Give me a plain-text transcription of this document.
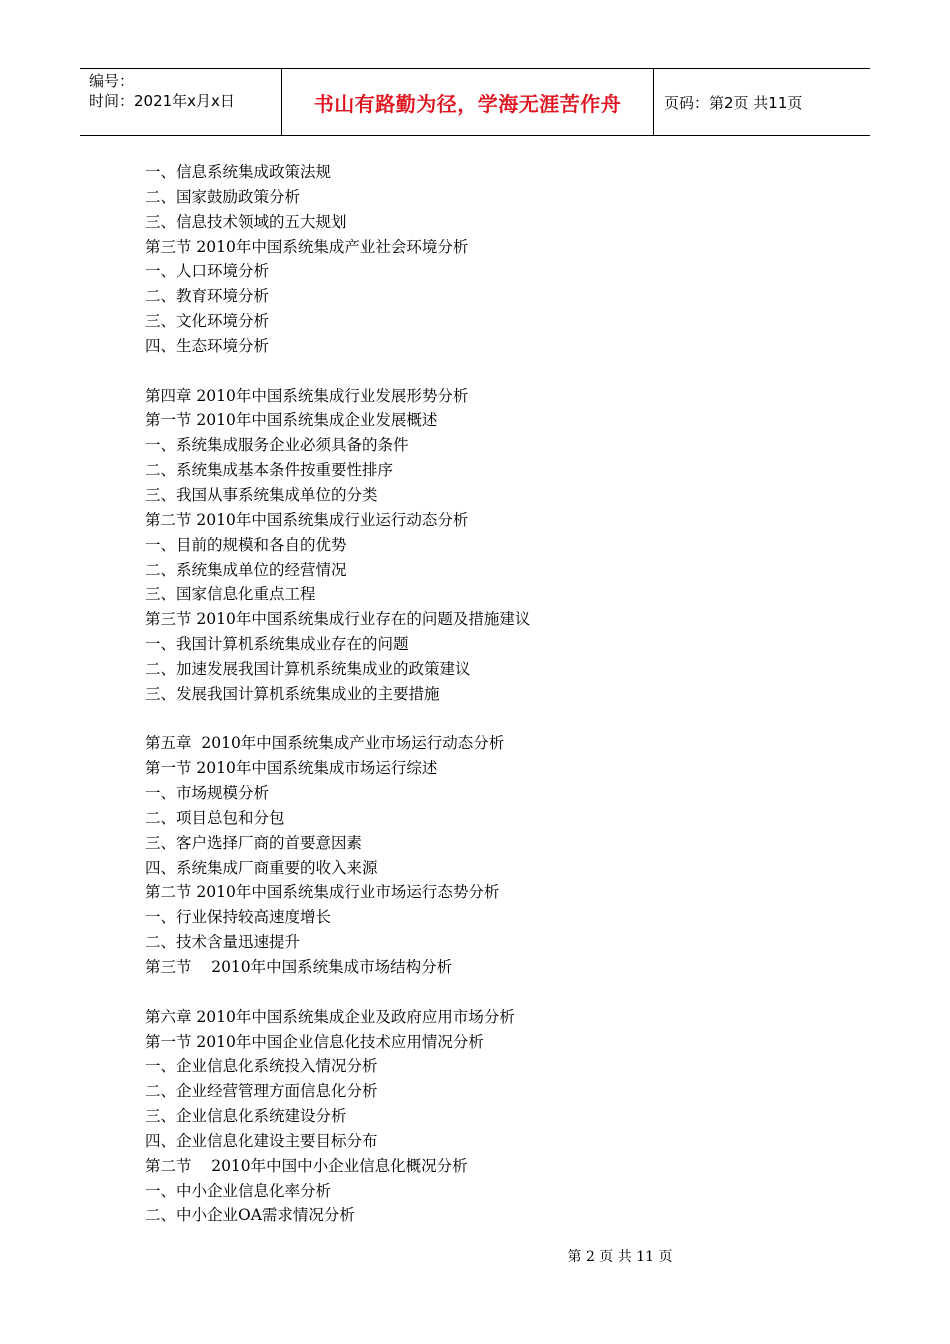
编号：
时间：2021年x月x日	书山有路勤为径，学海无涯苦作舟	页码：第2页 共11页
一、信息系统集成政策法规
二、国家鼓励政策分析
三、信息技术领域的五大规划
第三节 2010年中国系统集成产业社会环境分析
一、人口环境分析
二、教育环境分析
三、文化环境分析
四、生态环境分析
第四章 2010年中国系统集成行业发展形势分析
第一节 2010年中国系统集成企业发展概述
一、系统集成服务企业必须具备的条件
二、系统集成基本条件按重要性排序
三、我国从事系统集成单位的分类
第二节 2010年中国系统集成行业运行动态分析
一、目前的规模和各自的优势
二、系统集成单位的经营情况
三、国家信息化重点工程
第三节 2010年中国系统集成行业存在的问题及措施建议
一、我国计算机系统集成业存在的问题
二、加速发展我国计算机系统集成业的政策建议
三、发展我国计算机系统集成业的主要措施
第五章  2010年中国系统集成产业市场运行动态分析
第一节 2010年中国系统集成市场运行综述
一、市场规模分析
二、项目总包和分包
三、客户选择厂商的首要意因素
四、系统集成厂商重要的收入来源
第二节 2010年中国系统集成行业市场运行态势分析
一、行业保持较高速度增长
二、技术含量迅速提升
第三节    2010年中国系统集成市场结构分析
第六章 2010年中国系统集成企业及政府应用市场分析
第一节 2010年中国企业信息化技术应用情况分析
一、企业信息化系统投入情况分析
二、企业经营管理方面信息化分析
三、企业信息化系统建设分析
四、企业信息化建设主要目标分布
第二节    2010年中国中小企业信息化概况分析
一、中小企业信息化率分析
二、中小企业OA需求情况分析
第 2 页 共 11 页
